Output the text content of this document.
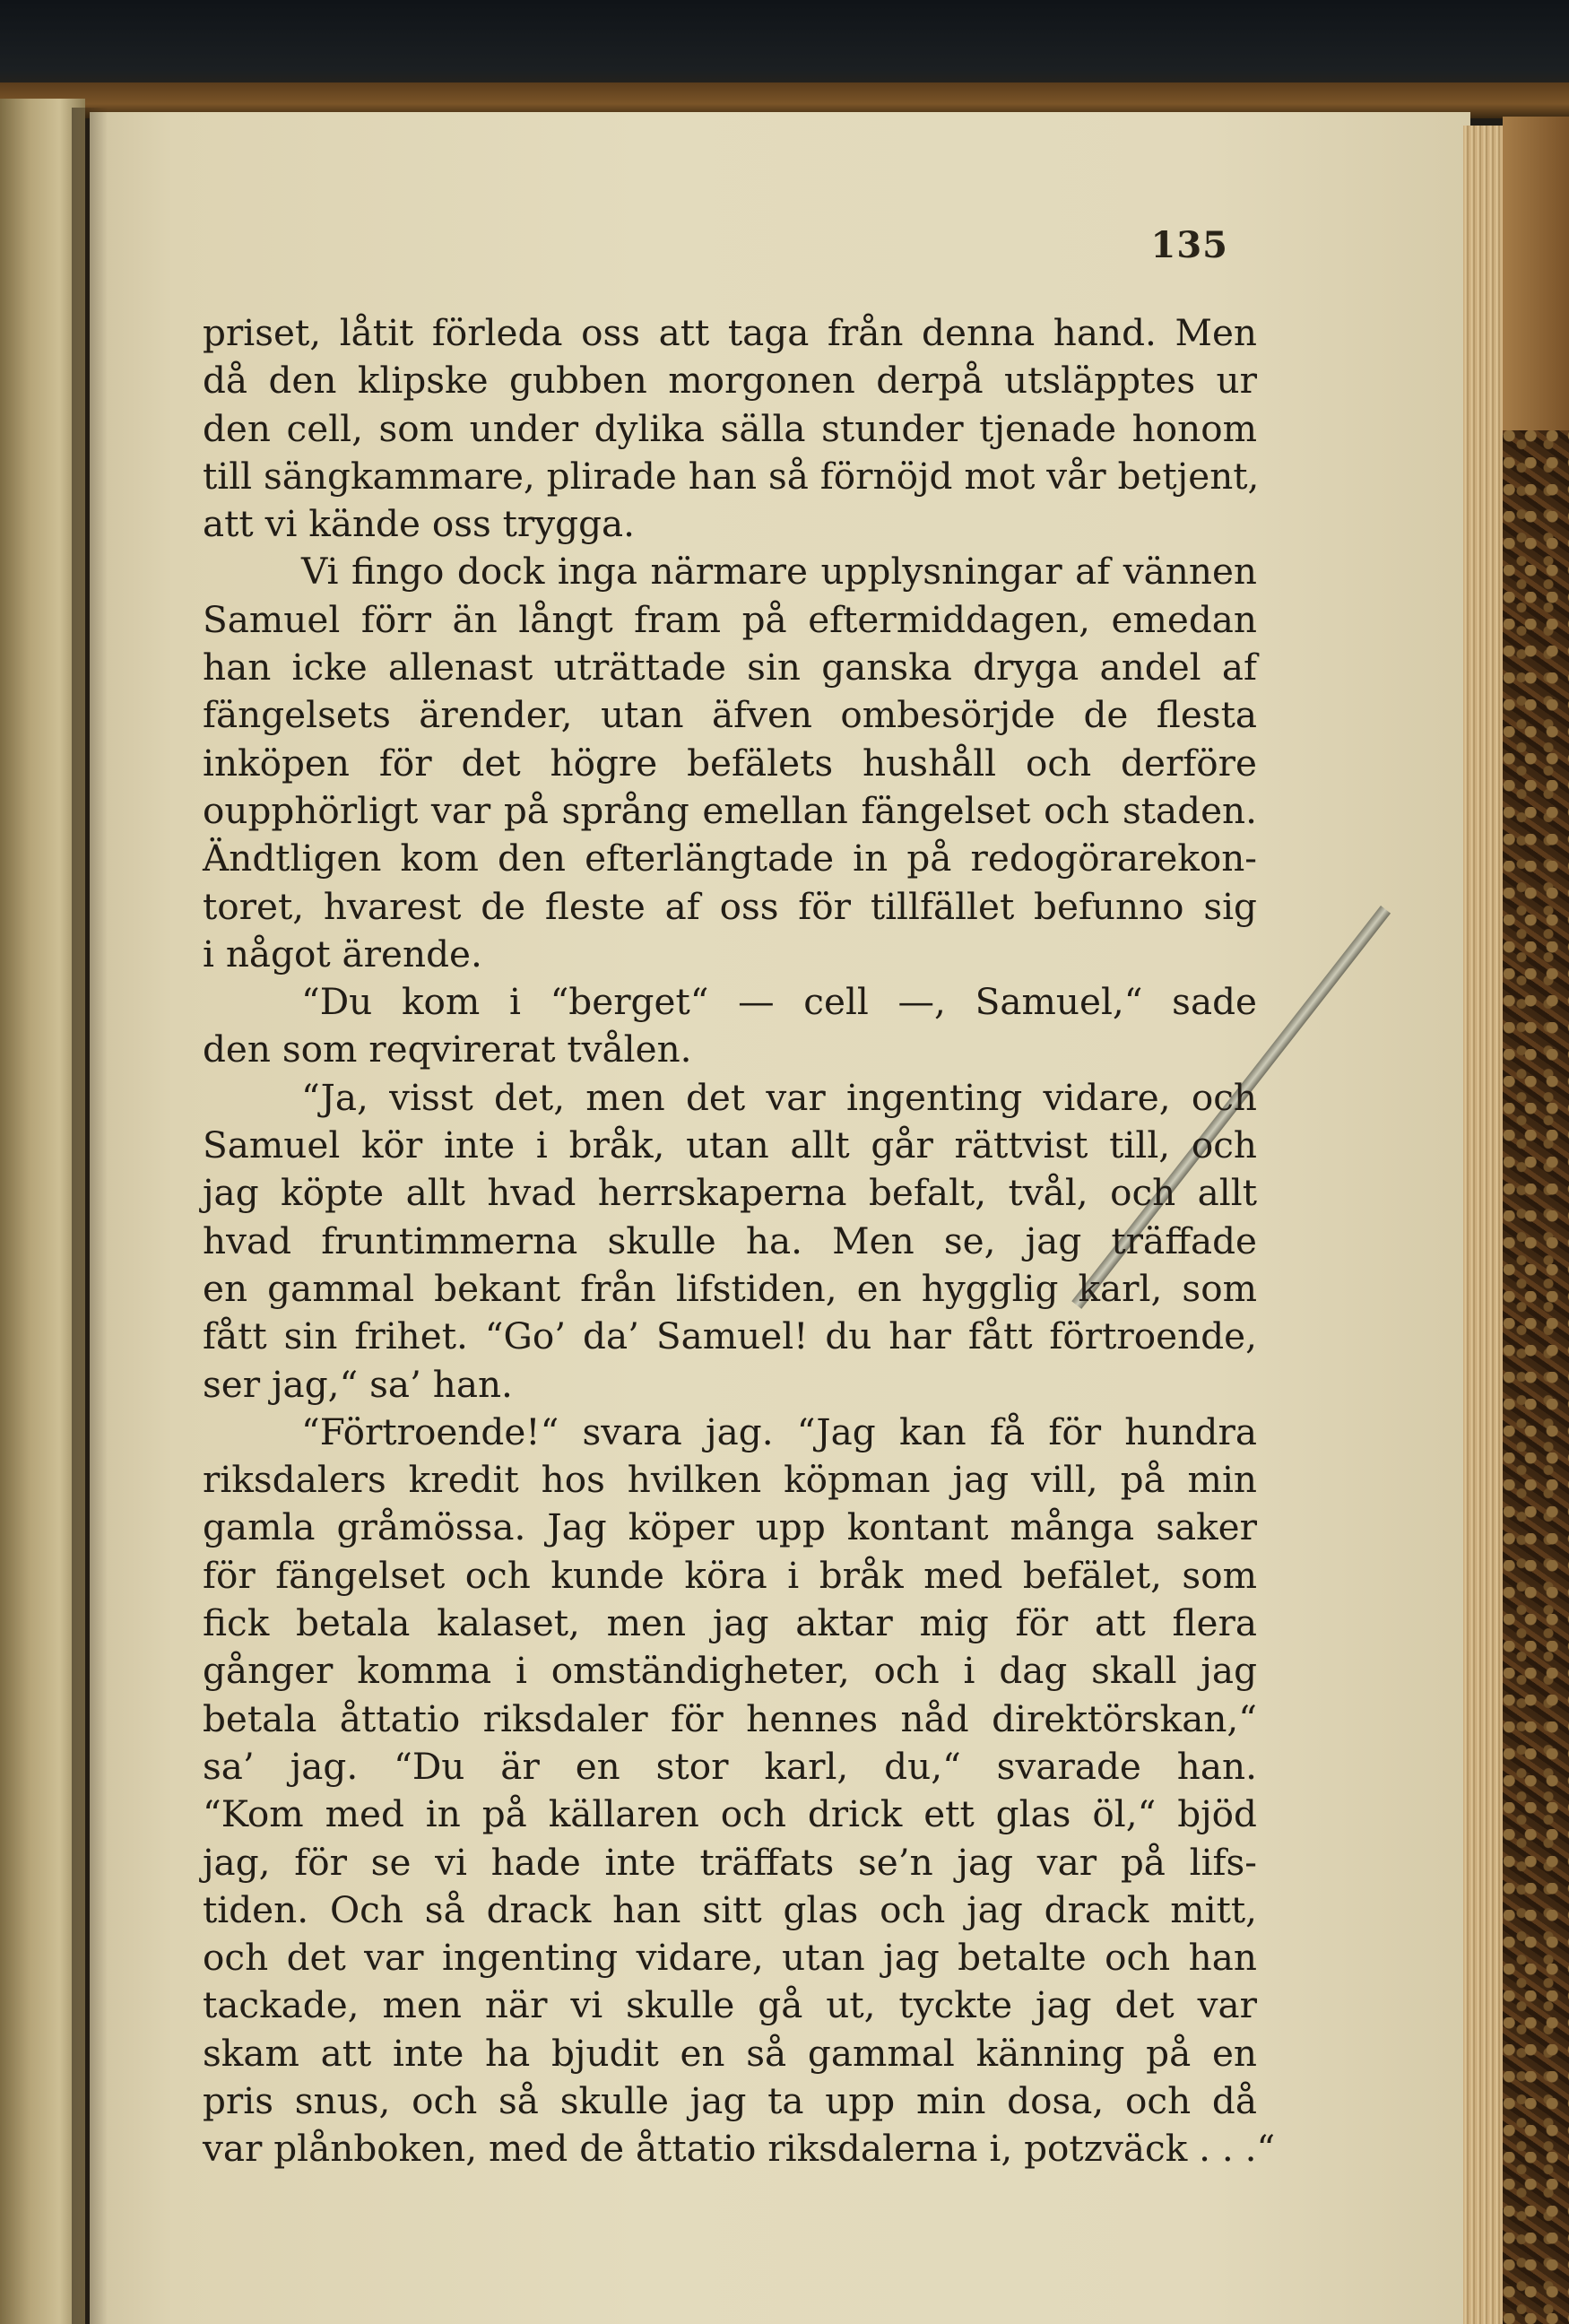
135
priset, låtit förleda oss att taga från denna hand. Men
då den klipske gubben morgonen derpå utsläpptes ur
den cell, som under dylika sälla stunder tjenade honom
till sängkammare, plirade han så förnöjd mot vår betjent,
att vi kände oss trygga.
Vi fingo dock inga närmare upplysningar af vännen
Samuel förr än långt fram på eftermiddagen, emedan
han icke allenast uträttade sin ganska dryga andel af
fängelsets ärender, utan äfven ombesörjde de flesta
inköpen för det högre befälets hushåll och derföre
oupphörligt var på språng emellan fängelset och staden.
Ändtligen kom den efterlängtade in på redogörarekon-
toret, hvarest de fleste af oss för tillfället befunno sig
i något ärende.
“Du kom i “berget“ — cell —, Samuel,“ sade
den som reqvirerat tvålen.
“Ja, visst det, men det var ingenting vidare, och
Samuel kör inte i bråk, utan allt går rättvist till, och
jag köpte allt hvad herrskaperna befalt, tvål, och allt
hvad fruntimmerna skulle ha. Men se, jag träffade
en gammal bekant från lifstiden, en hygglig karl, som
fått sin frihet. “Go’ da’ Samuel! du har fått förtroende,
ser jag,“ sa’ han.
“Förtroende!“ svara jag. “Jag kan få för hundra
riksdalers kredit hos hvilken köpman jag vill, på min
gamla gråmössa. Jag köper upp kontant många saker
för fängelset och kunde köra i bråk med befälet, som
fick betala kalaset, men jag aktar mig för att flera
gånger komma i omständigheter, och i dag skall jag
betala åttatio riksdaler för hennes nåd direktörskan,“
sa’ jag. “Du är en stor karl, du,“ svarade han.
“Kom med in på källaren och drick ett glas öl,“ bjöd
jag, för se vi hade inte träffats se’n jag var på lifs-
tiden. Och så drack han sitt glas och jag drack mitt,
och det var ingenting vidare, utan jag betalte och han
tackade, men när vi skulle gå ut, tyckte jag det var
skam att inte ha bjudit en så gammal känning på en
pris snus, och så skulle jag ta upp min dosa, och då
var plånboken, med de åttatio riksdalerna i, potzväck . . .“
